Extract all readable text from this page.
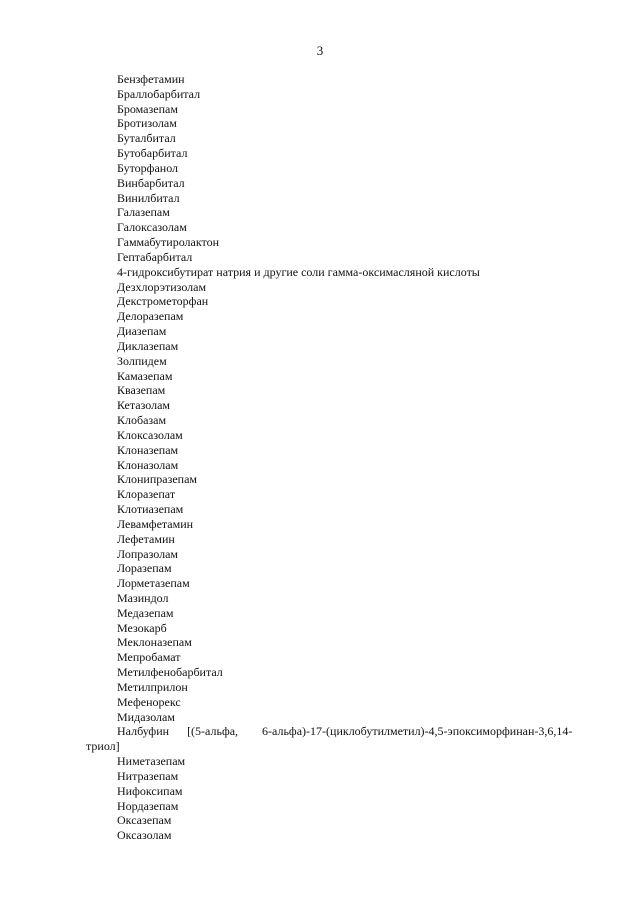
3
Бензфетамин
Браллобарбитал
Бромазепам
Бротизолам
Буталбитал
Бутобарбитал
Буторфанол
Винбарбитал
Винилбитал
Галазепам
Галоксазолам
Гаммабутиролактон
Гептабарбитал
4-гидроксибутират натрия и другие соли гамма-оксимасляной кислоты
Дезхлорэтизолам
Декстрометорфан
Делоразепам
Диазепам
Диклазепам
Золпидем
Камазепам
Квазепам
Кетазолам
Клобазам
Клоксазолам
Клоназепам
Клоназолам
Клонипразепам
Клоразепат
Клотиазепам
Левамфетамин
Лефетамин
Лопразолам
Лоразепам
Лорметазепам
Мазиндол
Медазепам
Мезокарб
Меклоназепам
Мепробамат
Метилфенобарбитал
Метилприлон
Мефенорекс
Мидазолам
Налбуфин [(5-альфа, 6-альфа)-17-(циклобутилметил)-4,5-эпоксиморфинан-3,6,14-
триол]
Ниметазепам
Нитразепам
Нифоксипам
Нордазепам
Оксазепам
Оксазолам
